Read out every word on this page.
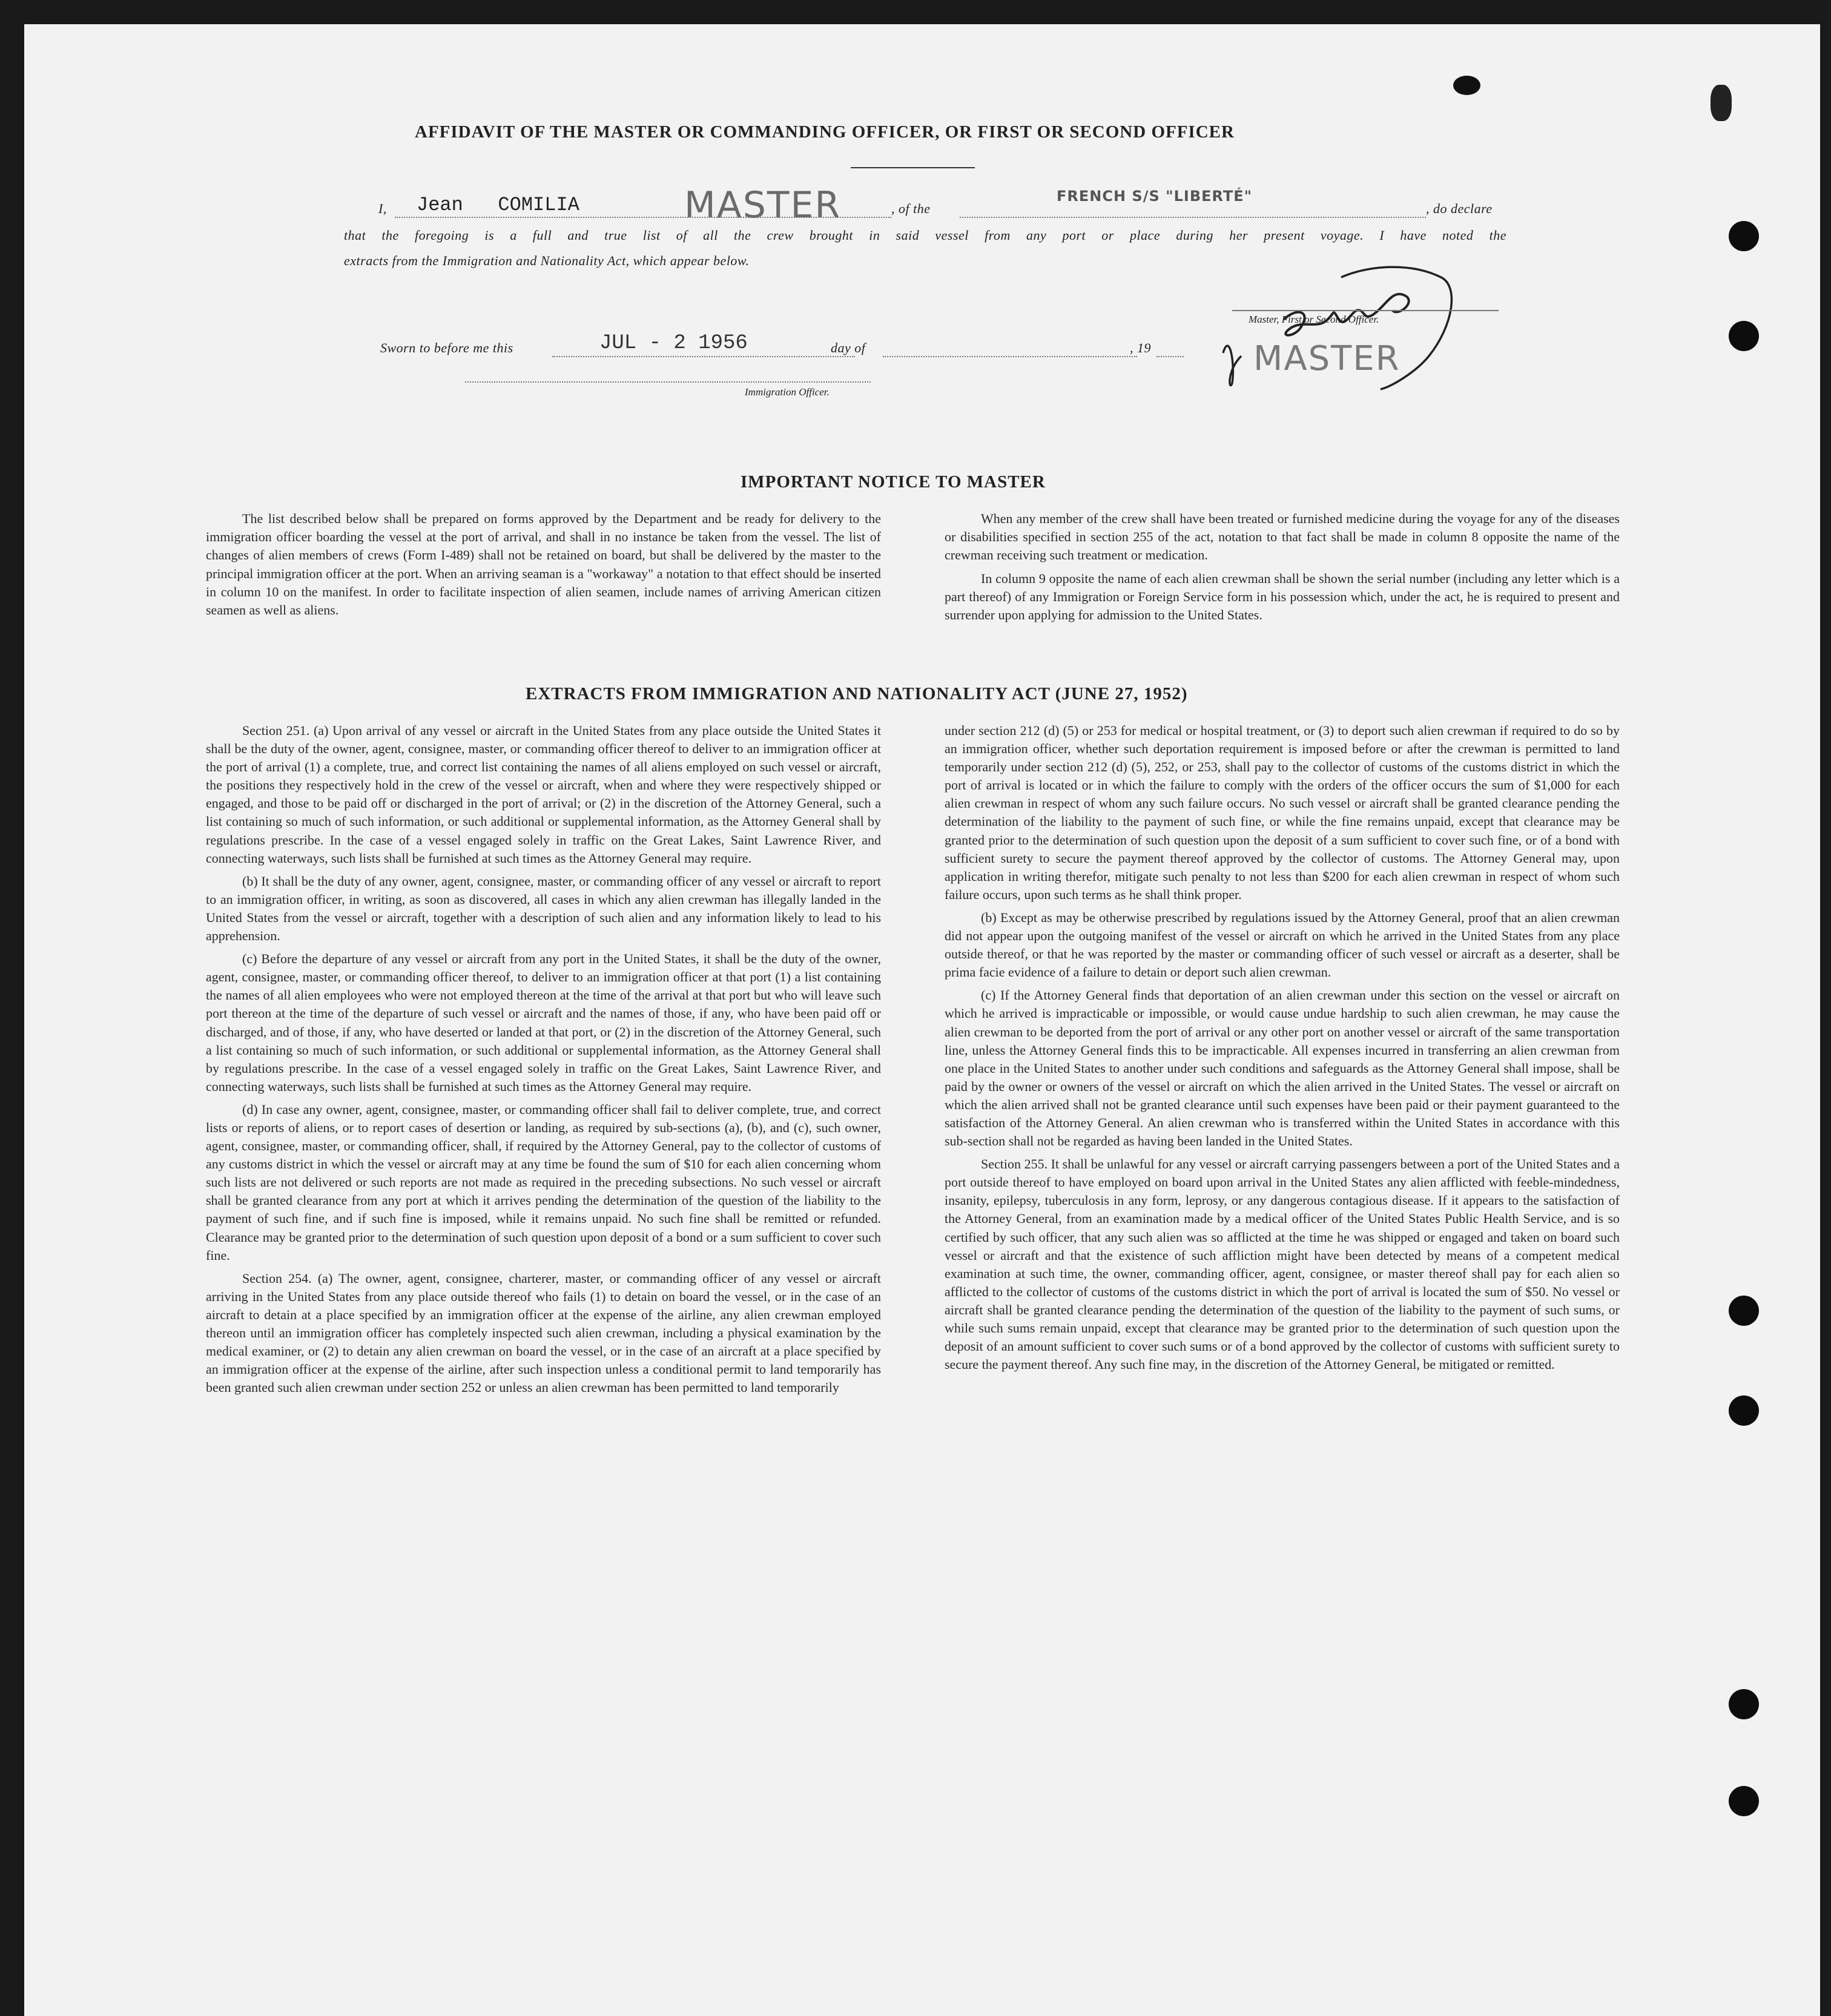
AFFIDAVIT OF THE MASTER OR COMMANDING OFFICER, OR FIRST OR SECOND OFFICER
I, Jean   COMILIA	MASTER	, of the
FRENCH S/S "LIBERTÉ"
, do declare
that the foregoing is a full and true list of all the crew brought in said vessel from any port or place during her present voyage. I have noted the
extracts from the Immigration and Nationality Act, which appear below.
Master, First or Second Officer.
MASTER
Sworn to before me this	JUL - 2 1956	day of	, 19
Immigration Officer.
IMPORTANT NOTICE TO MASTER

The list described below shall be prepared on forms approved by the Department and be ready for delivery to the immigration officer boarding the vessel at the port of arrival, and shall in no instance be taken from the vessel. The list of changes of alien members of crews (Form I-489) shall not be retained on board, but shall be delivered by the master to the principal immigration officer at the port. When an arriving seaman is a "workaway" a notation to that effect should be inserted in column 10 on the manifest. In order to facilitate inspection of alien seamen, include names of arriving American citizen seamen as well as aliens.

When any member of the crew shall have been treated or furnished medicine during the voyage for any of the diseases or disabilities specified in section 255 of the act, notation to that fact shall be made in column 8 opposite the name of the crewman receiving such treatment or medication.

In column 9 opposite the name of each alien crewman shall be shown the serial number (including any letter which is a part thereof) of any Immigration or Foreign Service form in his possession which, under the act, he is required to present and surrender upon applying for admission to the United States.

EXTRACTS FROM IMMIGRATION AND NATIONALITY ACT (JUNE 27, 1952)

Section 251. (a) Upon arrival of any vessel or aircraft in the United States from any place outside the United States it shall be the duty of the owner, agent, consignee, master, or commanding officer thereof to deliver to an immigration officer at the port of arrival (1) a complete, true, and correct list containing the names of all aliens employed on such vessel or aircraft, the positions they respectively hold in the crew of the vessel or aircraft, when and where they were respectively shipped or engaged, and those to be paid off or discharged in the port of arrival; or (2) in the discretion of the Attorney General, such a list containing so much of such information, or such additional or supplemental information, as the Attorney General shall by regulations prescribe. In the case of a vessel engaged solely in traffic on the Great Lakes, Saint Lawrence River, and connecting waterways, such lists shall be furnished at such times as the Attorney General may require.

(b) It shall be the duty of any owner, agent, consignee, master, or commanding officer of any vessel or aircraft to report to an immigration officer, in writing, as soon as discovered, all cases in which any alien crewman has illegally landed in the United States from the vessel or aircraft, together with a description of such alien and any information likely to lead to his apprehension.

(c) Before the departure of any vessel or aircraft from any port in the United States, it shall be the duty of the owner, agent, consignee, master, or commanding officer thereof, to deliver to an immigration officer at that port (1) a list containing the names of all alien employees who were not employed thereon at the time of the arrival at that port but who will leave such port thereon at the time of the departure of such vessel or aircraft and the names of those, if any, who have been paid off or discharged, and of those, if any, who have deserted or landed at that port, or (2) in the discretion of the Attorney General, such a list containing so much of such information, or such additional or supplemental information, as the Attorney General shall by regulations prescribe. In the case of a vessel engaged solely in traffic on the Great Lakes, Saint Lawrence River, and connecting waterways, such lists shall be furnished at such times as the Attorney General may require.

(d) In case any owner, agent, consignee, master, or commanding officer shall fail to deliver complete, true, and correct lists or reports of aliens, or to report cases of desertion or landing, as required by sub-sections (a), (b), and (c), such owner, agent, consignee, master, or commanding officer, shall, if required by the Attorney General, pay to the collector of customs of any customs district in which the vessel or aircraft may at any time be found the sum of $10 for each alien concerning whom such lists are not delivered or such reports are not made as required in the preceding subsections. No such vessel or aircraft shall be granted clearance from any port at which it arrives pending the determination of the question of the liability to the payment of such fine, and if such fine is imposed, while it remains unpaid. No such fine shall be remitted or refunded. Clearance may be granted prior to the determination of such question upon deposit of a bond or a sum sufficient to cover such fine.

Section 254. (a) The owner, agent, consignee, charterer, master, or commanding officer of any vessel or aircraft arriving in the United States from any place outside thereof who fails (1) to detain on board the vessel, or in the case of an aircraft to detain at a place specified by an immigration officer at the expense of the airline, any alien crewman employed thereon until an immigration officer has completely inspected such alien crewman, including a physical examination by the medical examiner, or (2) to detain any alien crewman on board the vessel, or in the case of an aircraft at a place specified by an immigration officer at the expense of the airline, after such inspection unless a conditional permit to land temporarily has been granted such alien crewman under section 252 or unless an alien crewman has been permitted to land temporarily

under section 212 (d) (5) or 253 for medical or hospital treatment, or (3) to deport such alien crewman if required to do so by an immigration officer, whether such deportation requirement is imposed before or after the crewman is permitted to land temporarily under section 212 (d) (5), 252, or 253, shall pay to the collector of customs of the customs district in which the port of arrival is located or in which the failure to comply with the orders of the officer occurs the sum of $1,000 for each alien crewman in respect of whom any such failure occurs. No such vessel or aircraft shall be granted clearance pending the determination of the liability to the payment of such fine, or while the fine remains unpaid, except that clearance may be granted prior to the determination of such question upon the deposit of a sum sufficient to cover such fine, or of a bond with sufficient surety to secure the payment thereof approved by the collector of customs. The Attorney General may, upon application in writing therefor, mitigate such penalty to not less than $200 for each alien crewman in respect of whom such failure occurs, upon such terms as he shall think proper.

(b) Except as may be otherwise prescribed by regulations issued by the Attorney General, proof that an alien crewman did not appear upon the outgoing manifest of the vessel or aircraft on which he arrived in the United States from any place outside thereof, or that he was reported by the master or commanding officer of such vessel or aircraft as a deserter, shall be prima facie evidence of a failure to detain or deport such alien crewman.

(c) If the Attorney General finds that deportation of an alien crewman under this section on the vessel or aircraft on which he arrived is impracticable or impossible, or would cause undue hardship to such alien crewman, he may cause the alien crewman to be deported from the port of arrival or any other port on another vessel or aircraft of the same transportation line, unless the Attorney General finds this to be impracticable. All expenses incurred in transferring an alien crewman from one place in the United States to another under such conditions and safeguards as the Attorney General shall impose, shall be paid by the owner or owners of the vessel or aircraft on which the alien arrived in the United States. The vessel or aircraft on which the alien arrived shall not be granted clearance until such expenses have been paid or their payment guaranteed to the satisfaction of the Attorney General. An alien crewman who is transferred within the United States in accordance with this sub-section shall not be regarded as having been landed in the United States.

Section 255. It shall be unlawful for any vessel or aircraft carrying passengers between a port of the United States and a port outside thereof to have employed on board upon arrival in the United States any alien afflicted with feeble-mindedness, insanity, epilepsy, tuberculosis in any form, leprosy, or any dangerous contagious disease. If it appears to the satisfaction of the Attorney General, from an examination made by a medical officer of the United States Public Health Service, and is so certified by such officer, that any such alien was so afflicted at the time he was shipped or engaged and taken on board such vessel or aircraft and that the existence of such affliction might have been detected by means of a competent medical examination at such time, the owner, commanding officer, agent, consignee, or master thereof shall pay for each alien so afflicted to the collector of customs of the customs district in which the port of arrival is located the sum of $50. No vessel or aircraft shall be granted clearance pending the determination of the question of the liability to the payment of such sums, or while such sums remain unpaid, except that clearance may be granted prior to the determination of such question upon the deposit of an amount sufficient to cover such sums or of a bond approved by the collector of customs with sufficient surety to secure the payment thereof. Any such fine may, in the discretion of the Attorney General, be mitigated or remitted.
